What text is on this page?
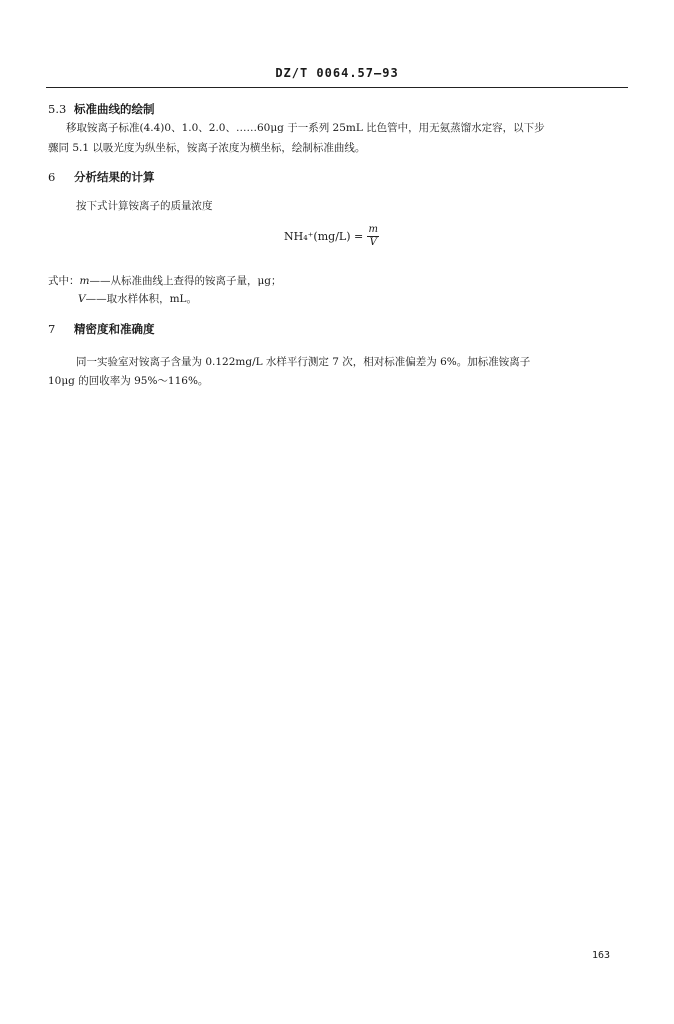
DZ/T 0064.57—93
5.3 标准曲线的绘制
移取铵离子标准(4.4)0、1.0、2.0、……60μg 于一系列 25mL 比色管中，用无氨蒸馏水定容，以下步
骤同 5.1 以吸光度为纵坐标，铵离子浓度为横坐标，绘制标准曲线。
6 分析结果的计算
按下式计算铵离子的质量浓度
$NH_4^+(mg/L) = \frac{m}{V}$
式中：m——从标准曲线上查得的铵离子量，μg；
V——取水样体积，mL。
7 精密度和准确度
同一实验室对铵离子含量为 0.122mg/L 水样平行测定 7 次，相对标准偏差为 6%。加标准铵离子
10μg 的回收率为 95%～116%。
163
